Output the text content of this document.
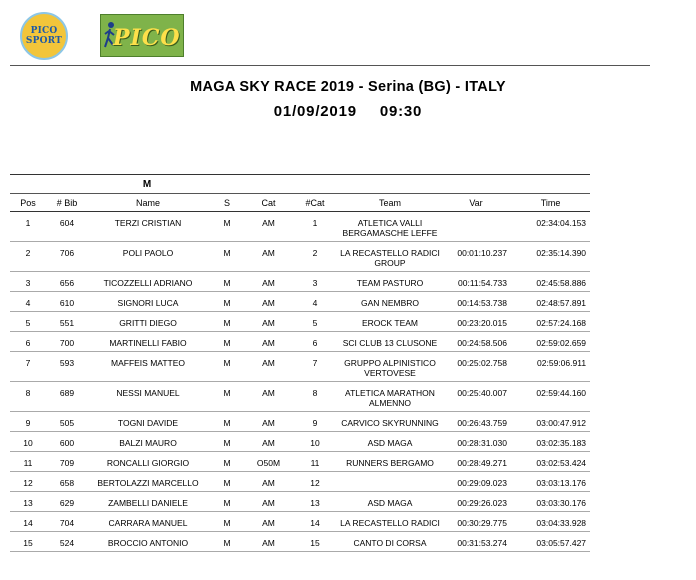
PICO
SPORT PICO
MAGA SKY RACE 2019 - Serina (BG) - ITALY
01/09/2019 09:30
M								
Pos	# Bib	Name	S	Cat	#Cat	Team	Var	Time
1	604	TERZI CRISTIAN	M	AM	1	ATLETICA VALLI BERGAMASCHE LEFFE		02:34:04.153
2	706	POLI PAOLO	M	AM	2	LA RECASTELLO RADICI GROUP	00:01:10.237	02:35:14.390
3	656	TICOZZELLI ADRIANO	M	AM	3	TEAM PASTURO	00:11:54.733	02:45:58.886
4	610	SIGNORI LUCA	M	AM	4	GAN NEMBRO	00:14:53.738	02:48:57.891
5	551	GRITTI DIEGO	M	AM	5	EROCK TEAM	00:23:20.015	02:57:24.168
6	700	MARTINELLI FABIO	M	AM	6	SCI CLUB 13 CLUSONE	00:24:58.506	02:59:02.659
7	593	MAFFEIS MATTEO	M	AM	7	GRUPPO ALPINISTICO VERTOVESE	00:25:02.758	02:59:06.911
8	689	NESSI MANUEL	M	AM	8	ATLETICA MARATHON ALMENNO	00:25:40.007	02:59:44.160
9	505	TOGNI DAVIDE	M	AM	9	CARVICO SKYRUNNING	00:26:43.759	03:00:47.912
10	600	BALZI MAURO	M	AM	10	ASD MAGA	00:28:31.030	03:02:35.183
11	709	RONCALLI GIORGIO	M	O50M	11	RUNNERS BERGAMO	00:28:49.271	03:02:53.424
12	658	BERTOLAZZI MARCELLO	M	AM	12		00:29:09.023	03:03:13.176
13	629	ZAMBELLI DANIELE	M	AM	13	ASD MAGA	00:29:26.023	03:03:30.176
14	704	CARRARA MANUEL	M	AM	14	LA RECASTELLO RADICI	00:30:29.775	03:04:33.928
15	524	BROCCIO ANTONIO	M	AM	15	CANTO DI CORSA	00:31:53.274	03:05:57.427
